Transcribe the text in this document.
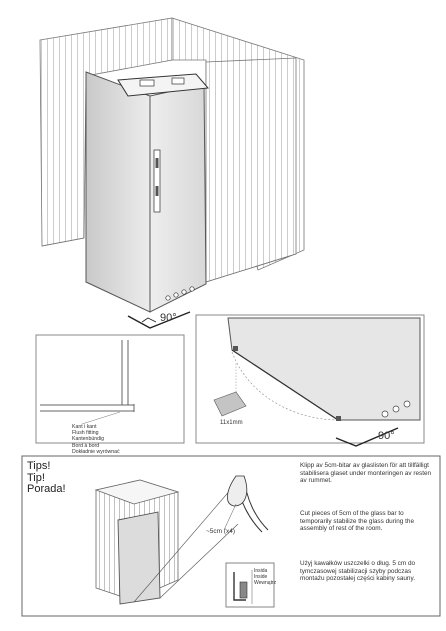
90°
Kant i kant
Flush fitting
Kantenbündig
Bord à bord
Dokładnie wyrównać
11x1mm
90°
Tips!
Tip!
Porada!
~5cm (x4)
Insida
Inside
Wewnątrz
Klipp av 5cm-bitar av glaslisten för att tillfälligt stabilisera glaset under monteringen av resten av rummet.
Cut pieces of 5cm of the glass bar to temporarily stabilize the glass during the assembly of rest of the room.
Użyj kawałków uszczelki o dług. 5 cm do tymczasowej stabilizacji szyby podczas montażu pozostałej części kabiny sauny.
